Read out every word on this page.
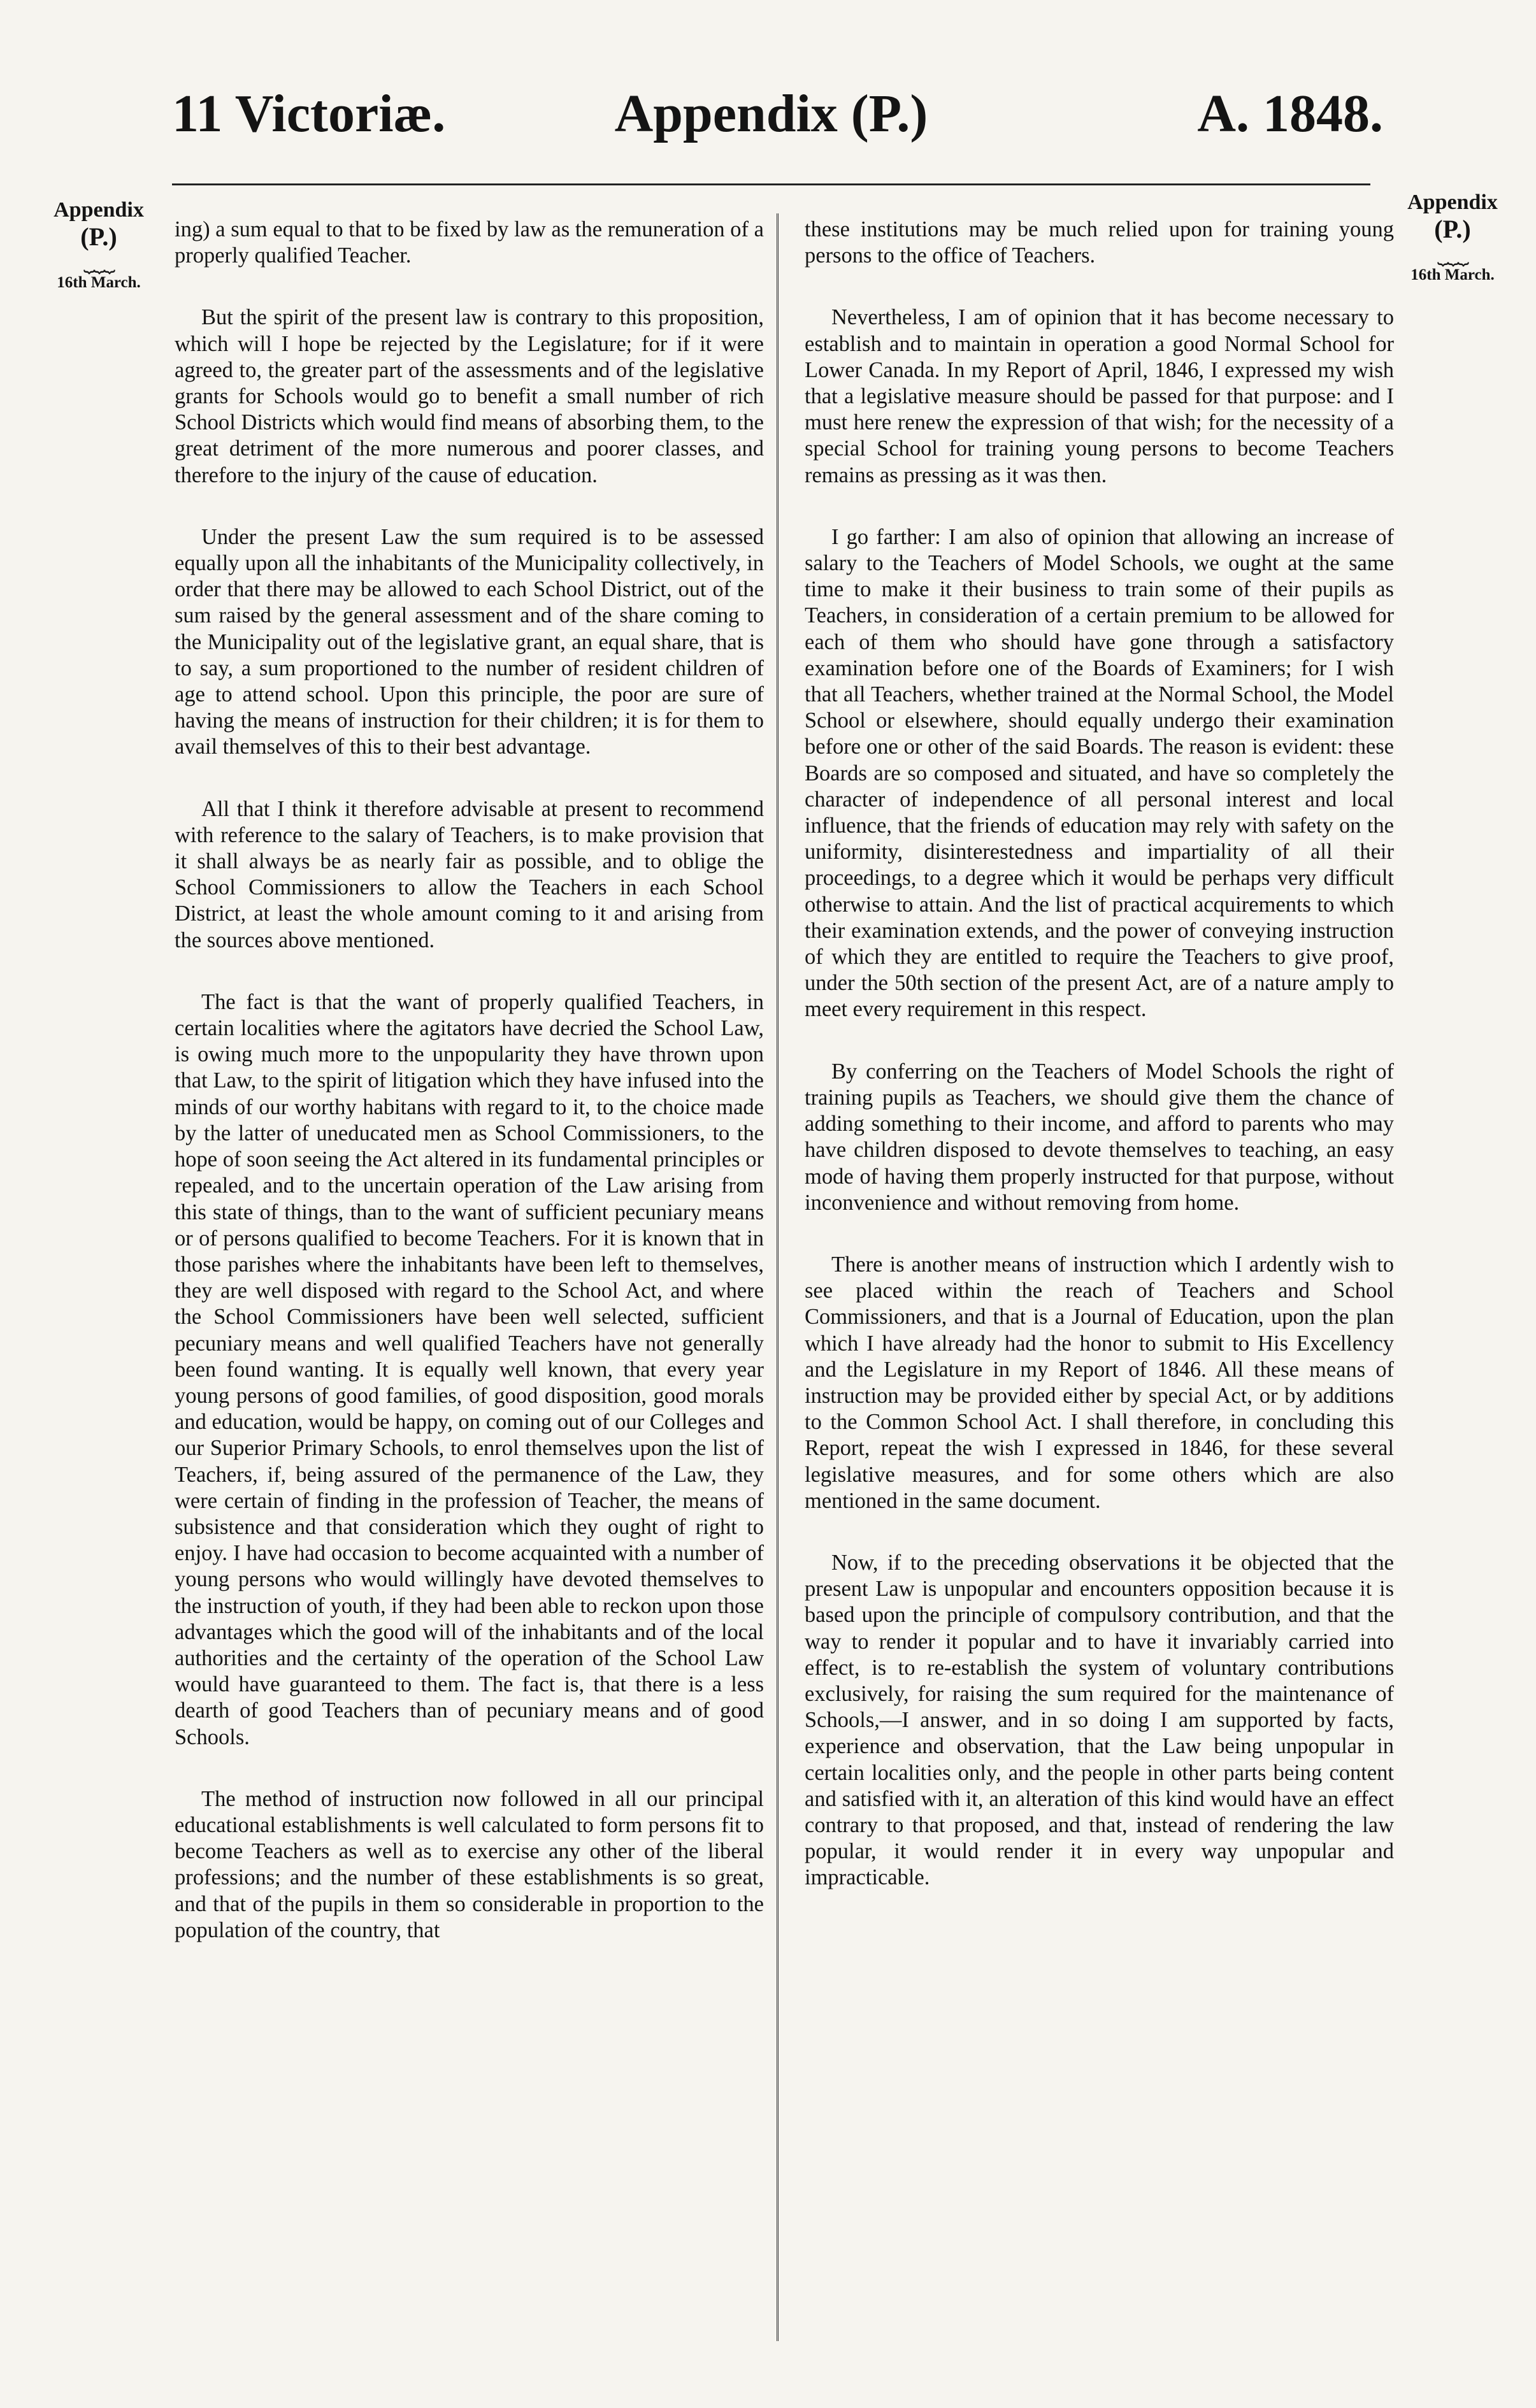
11 Victoriæ.	Appendix (P.)	A. 1848.
Appendix
(P.)
⏟⏟⏟
16th March.
Appendix
(P.)
⏟⏟⏟
16th March.

ing) a sum equal to that to be fixed by law as the remuneration of a properly qualified Teacher.

But the spirit of the present law is contrary to this proposition, which will I hope be rejected by the Legislature; for if it were agreed to, the greater part of the assessments and of the legislative grants for Schools would go to benefit a small number of rich School Districts which would find means of absorbing them, to the great detriment of the more numerous and poorer classes, and therefore to the injury of the cause of education.

Under the present Law the sum required is to be assessed equally upon all the inhabitants of the Municipality collectively, in order that there may be allowed to each School District, out of the sum raised by the general assessment and of the share coming to the Municipality out of the legislative grant, an equal share, that is to say, a sum proportioned to the number of resident children of age to attend school. Upon this principle, the poor are sure of having the means of instruction for their children; it is for them to avail themselves of this to their best advantage.

All that I think it therefore advisable at present to recommend with reference to the salary of Teachers, is to make provision that it shall always be as nearly fair as possible, and to oblige the School Commissioners to allow the Teachers in each School District, at least the whole amount coming to it and arising from the sources above mentioned.

The fact is that the want of properly qualified Teachers, in certain localities where the agitators have decried the School Law, is owing much more to the unpopularity they have thrown upon that Law, to the spirit of litigation which they have infused into the minds of our worthy habitans with regard to it, to the choice made by the latter of uneducated men as School Commissioners, to the hope of soon seeing the Act altered in its fundamental principles or repealed, and to the uncertain operation of the Law arising from this state of things, than to the want of sufficient pecuniary means or of persons qualified to become Teachers. For it is known that in those parishes where the inhabitants have been left to themselves, they are well disposed with regard to the School Act, and where the School Commissioners have been well selected, sufficient pecuniary means and well qualified Teachers have not generally been found wanting. It is equally well known, that every year young persons of good families, of good disposition, good morals and education, would be happy, on coming out of our Colleges and our Superior Primary Schools, to enrol themselves upon the list of Teachers, if, being assured of the permanence of the Law, they were certain of finding in the profession of Teacher, the means of subsistence and that consideration which they ought of right to enjoy. I have had occasion to become acquainted with a number of young persons who would willingly have devoted themselves to the instruction of youth, if they had been able to reckon upon those advantages which the good will of the inhabitants and of the local authorities and the certainty of the operation of the School Law would have guaranteed to them. The fact is, that there is a less dearth of good Teachers than of pecuniary means and of good Schools.

The method of instruction now followed in all our principal educational establishments is well calculated to form persons fit to become Teachers as well as to exercise any other of the liberal professions; and the number of these establishments is so great, and that of the pupils in them so considerable in proportion to the population of the country, that

these institutions may be much relied upon for training young persons to the office of Teachers.

Nevertheless, I am of opinion that it has become necessary to establish and to maintain in operation a good Normal School for Lower Canada. In my Report of April, 1846, I expressed my wish that a legislative measure should be passed for that purpose: and I must here renew the expression of that wish; for the necessity of a special School for training young persons to become Teachers remains as pressing as it was then.

I go farther: I am also of opinion that allowing an increase of salary to the Teachers of Model Schools, we ought at the same time to make it their business to train some of their pupils as Teachers, in consideration of a certain premium to be allowed for each of them who should have gone through a satisfactory examination before one of the Boards of Examiners; for I wish that all Teachers, whether trained at the Normal School, the Model School or elsewhere, should equally undergo their examination before one or other of the said Boards. The reason is evident: these Boards are so composed and situated, and have so completely the character of independence of all personal interest and local influence, that the friends of education may rely with safety on the uniformity, disinterestedness and impartiality of all their proceedings, to a degree which it would be perhaps very difficult otherwise to attain. And the list of practical acquirements to which their examination extends, and the power of conveying instruction of which they are entitled to require the Teachers to give proof, under the 50th section of the present Act, are of a nature amply to meet every requirement in this respect.

By conferring on the Teachers of Model Schools the right of training pupils as Teachers, we should give them the chance of adding something to their income, and afford to parents who may have children disposed to devote themselves to teaching, an easy mode of having them properly instructed for that purpose, without inconvenience and without removing from home.

There is another means of instruction which I ardently wish to see placed within the reach of Teachers and School Commissioners, and that is a Journal of Education, upon the plan which I have already had the honor to submit to His Excellency and the Legislature in my Report of 1846. All these means of instruction may be provided either by special Act, or by additions to the Common School Act. I shall therefore, in concluding this Report, repeat the wish I expressed in 1846, for these several legislative measures, and for some others which are also mentioned in the same document.

Now, if to the preceding observations it be objected that the present Law is unpopular and encounters opposition because it is based upon the principle of compulsory contribution, and that the way to render it popular and to have it invariably carried into effect, is to re-establish the system of voluntary contributions exclusively, for raising the sum required for the maintenance of Schools,—I answer, and in so doing I am supported by facts, experience and observation, that the Law being unpopular in certain localities only, and the people in other parts being content and satisfied with it, an alteration of this kind would have an effect contrary to that proposed, and that, instead of rendering the law popular, it would render it in every way unpopular and impracticable.
